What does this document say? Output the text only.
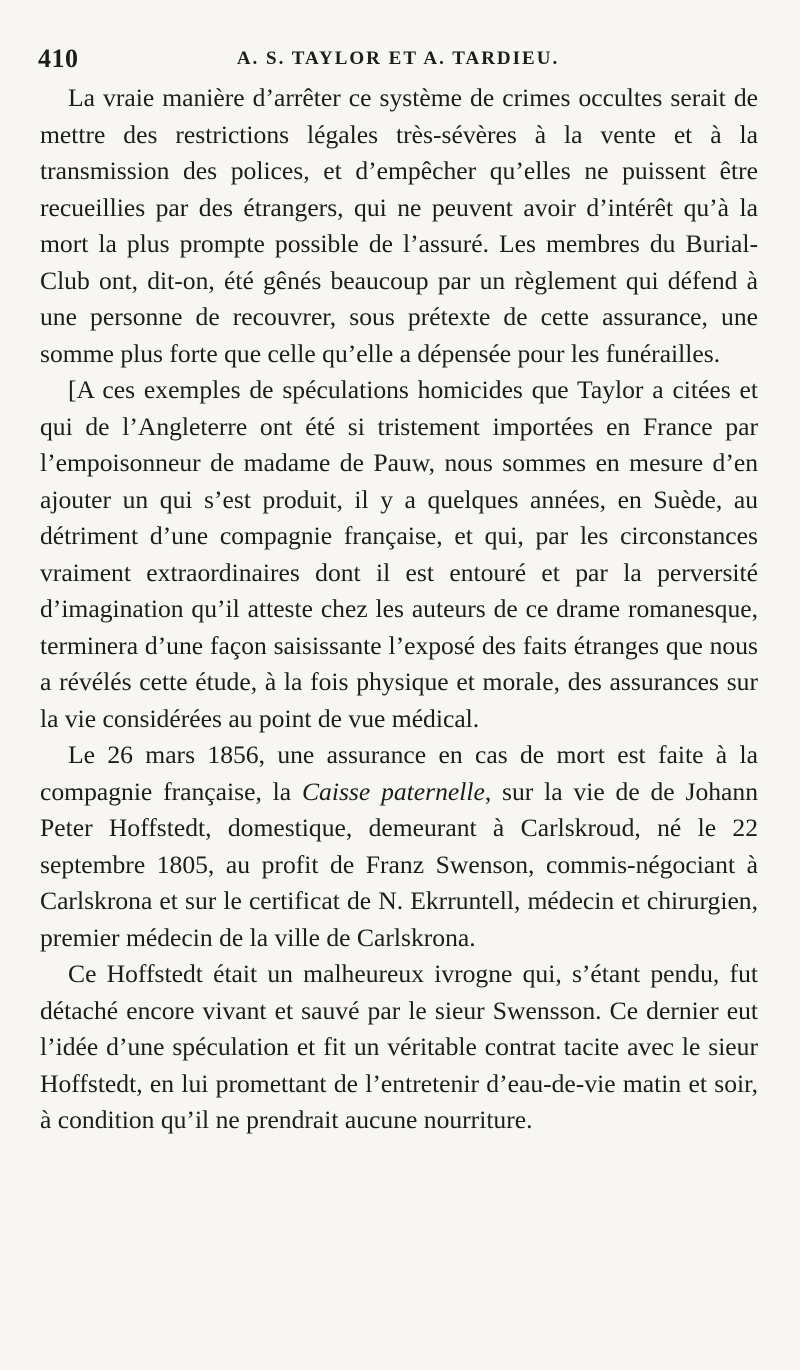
410	A. S. TAYLOR ET A. TARDIEU.

La vraie manière d’arrêter ce système de crimes occultes serait de mettre des restrictions légales très-sévères à la vente et à la transmission des polices, et d’empêcher qu’elles ne puissent être recueillies par des étrangers, qui ne peuvent avoir d’intérêt qu’à la mort la plus prompte possible de l’assuré. Les membres du Burial-Club ont, dit-on, été gênés beaucoup par un règlement qui défend à une personne de recouvrer, sous prétexte de cette assurance, une somme plus forte que celle qu’elle a dépensée pour les funérailles.

[A ces exemples de spéculations homicides que Taylor a citées et qui de l’Angleterre ont été si tristement importées en France par l’empoisonneur de madame de Pauw, nous sommes en mesure d’en ajouter un qui s’est produit, il y a quelques années, en Suède, au détriment d’une compagnie française, et qui, par les circonstances vraiment extraordinaires dont il est entouré et par la perversité d’imagination qu’il atteste chez les auteurs de ce drame romanesque, terminera d’une façon saisissante l’exposé des faits étranges que nous a révélés cette étude, à la fois physique et morale, des assurances sur la vie considérées au point de vue médical.

Le 26 mars 1856, une assurance en cas de mort est faite à la compagnie française, la Caisse paternelle, sur la vie de de Johann Peter Hoffstedt, domestique, demeurant à Carlskroud, né le 22 septembre 1805, au profit de Franz Swenson, commis-négociant à Carlskrona et sur le certificat de N. Ekrruntell, médecin et chirurgien, premier médecin de la ville de Carlskrona.

Ce Hoffstedt était un malheureux ivrogne qui, s’étant pendu, fut détaché encore vivant et sauvé par le sieur Swensson. Ce dernier eut l’idée d’une spéculation et fit un véritable contrat tacite avec le sieur Hoffstedt, en lui promettant de l’entretenir d’eau-de-vie matin et soir, à condition qu’il ne prendrait aucune nourriture.
